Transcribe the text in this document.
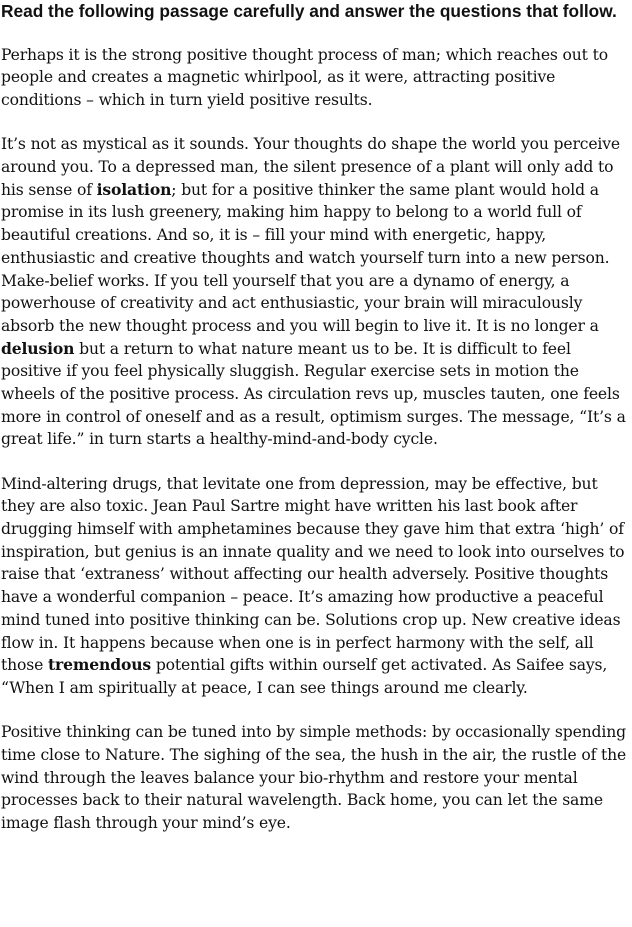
Read the following passage carefully and answer the questions that follow.

Perhaps it is the strong positive thought process of man; which reaches out to people and creates a magnetic whirlpool, as it were, attracting positive conditions – which in turn yield positive results.

It’s not as mystical as it sounds. Your thoughts do shape the world you perceive around you. To a depressed man, the silent presence of a plant will only add to his sense of isolation; but for a positive thinker the same plant would hold a promise in its lush greenery, making him happy to belong to a world full of beautiful creations. And so, it is – fill your mind with energetic, happy, enthusiastic and creative thoughts and watch yourself turn into a new person. Make-belief works. If you tell yourself that you are a dynamo of energy, a powerhouse of creativity and act enthusiastic, your brain will miraculously absorb the new thought process and you will begin to live it. It is no longer a delusion but a return to what nature meant us to be. It is difficult to feel positive if you feel physically sluggish. Regular exercise sets in motion the wheels of the positive process. As circulation revs up, muscles tauten, one feels more in control of oneself and as a result, optimism surges. The message, “It’s a great life.” in turn starts a healthy-mind-and-body cycle.

Mind-altering drugs, that levitate one from depression, may be effective, but they are also toxic. Jean Paul Sartre might have written his last book after drugging himself with amphetamines because they gave him that extra ‘high’ of inspiration, but genius is an innate quality and we need to look into ourselves to raise that ‘extraness’ without affecting our health adversely. Positive thoughts have a wonderful companion – peace. It’s amazing how productive a peaceful mind tuned into positive thinking can be. Solutions crop up. New creative ideas flow in. It happens because when one is in perfect harmony with the self, all those tremendous potential gifts within ourself get activated. As Saifee says, “When I am spiritually at peace, I can see things around me clearly.

Positive thinking can be tuned into by simple methods: by occasionally spending time close to Nature. The sighing of the sea, the hush in the air, the rustle of the wind through the leaves balance your bio-rhythm and restore your mental processes back to their natural wavelength. Back home, you can let the same image flash through your mind’s eye.
